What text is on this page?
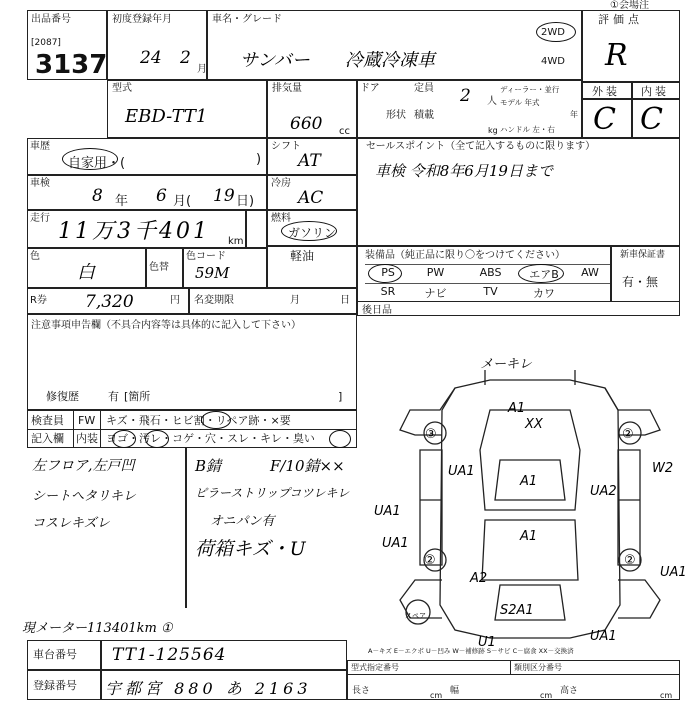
出品番号
[2087]
3137
初度登録年月
24 2
月
車名・グレード
サンバー 冷蔵冷凍車
2WD
4WD
評価点
R
①会場注
型式
EBD-TT1
排気量
660 cc
ドア	定員 2 人
形状 積載
kg
ディーラー・並行
モデル 年式
年
ハンドル 左・右
外装 内装
C C
車歴
自家用・(	)
シフト
AT
セールスポイント（全て記入するものに限ります）
車検 令和8年6月19日まで
車検
8 年 6 月( 19 日)
冷房
AC
走行
11万3千401 km
燃料
ガソリン
軽油
色
白	色替
色コード
59M
装備品（純正品に限り〇をつけてください）	新車保証書
有・無
PS	PW	ABS	エアB	AW
SR	ナビ	TV	カワ
R券 7,320	円 名変期限	月	日
注意事項申告欄（不具合内容等は具体的に記入して下さい）
修復歴	有 [箇所	]
後日品
検査員 FW キズ・飛石・ヒビ割・リペア跡・×要
記入欄 内装 ヨゴ・汚レ・コゲ・穴・スレ・キレ・臭い
左フロア,左戸凹
シートへタリキレ
コスレキズレ
B錆	F/10錆××
ピラーストリップコツレキレ
オニパン有
荷箱キズ・U
現メーター113401km ①
メーキレ
A1
XX
③	②
UA1
A1
W2
UA2
UA1
A1
UA1
②	②
A2
S2A1
U1	UA1
UA1
スペア
A－キズ E－エクボ U－凹み W－補修跡 S－サビ C－腐食 XX－交換済
車台番号 TT1-125564
登録番号 宇都宮 880 あ 2163
型式指定番号	類別区分番号
長さ	幅	高さ
cm	cm	cm
